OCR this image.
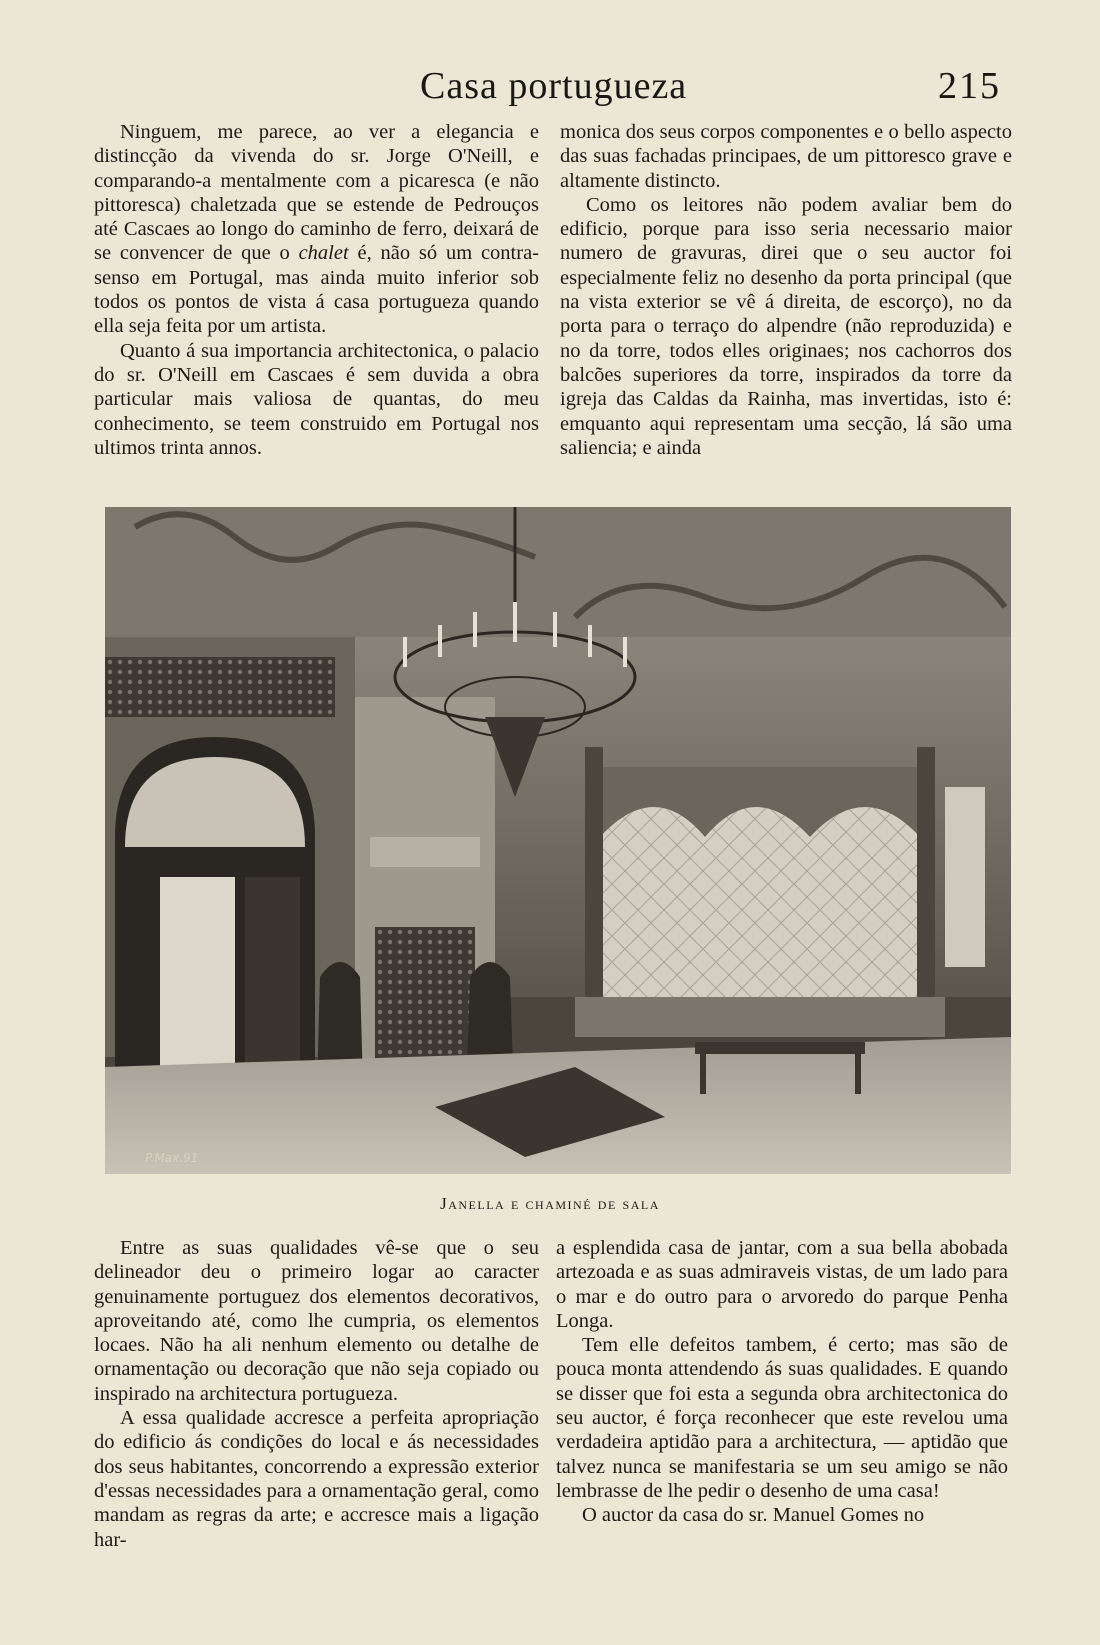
Casa portugueza	215

Ninguem, me parece, ao ver a elegancia e distincção da vivenda do sr. Jorge O'Neill, e comparando-a mentalmente com a picaresca (e não pittoresca) chaletzada que se estende de Pedrouços até Cascaes ao longo do caminho de ferro, deixará de se convencer de que o chalet é, não só um contra-senso em Portugal, mas ainda muito inferior sob todos os pontos de vista á casa portugueza quando ella seja feita por um artista.

Quanto á sua importancia architectonica, o palacio do sr. O'Neill em Cascaes é sem duvida a obra particular mais valiosa de quantas, do meu conhecimento, se teem construido em Portugal nos ultimos trinta annos.

monica dos seus corpos componentes e o bello aspecto das suas fachadas principaes, de um pittoresco grave e altamente distincto.

Como os leitores não podem avaliar bem do edificio, porque para isso seria necessario maior numero de gravuras, direi que o seu auctor foi especialmente feliz no desenho da porta principal (que na vista exterior se vê á direita, de escorço), no da porta para o terraço do alpendre (não reproduzida) e no da torre, todos elles originaes; nos cachorros dos balcões superiores da torre, inspirados da torre da igreja das Caldas da Rainha, mas invertidas, isto é: emquanto aqui representam uma secção, lá são uma saliencia; e ainda

P.Max.91
Janella e chaminé de sala

Entre as suas qualidades vê-se que o seu delineador deu o primeiro logar ao caracter genuinamente portuguez dos elementos decorativos, aproveitando até, como lhe cumpria, os elementos locaes. Não ha ali nenhum elemento ou detalhe de ornamentação ou decoração que não seja copiado ou inspirado na architectura portugueza.

A essa qualidade accresce a perfeita apropriação do edificio ás condições do local e ás necessidades dos seus habitantes, concorrendo a expressão exterior d'essas necessidades para a ornamentação geral, como mandam as regras da arte; e accresce mais a ligação har-

a esplendida casa de jantar, com a sua bella abobada artezoada e as suas admiraveis vistas, de um lado para o mar e do outro para o arvoredo do parque Penha Longa.

Tem elle defeitos tambem, é certo; mas são de pouca monta attendendo ás suas qualidades. E quando se disser que foi esta a segunda obra architectonica do seu auctor, é força reconhecer que este revelou uma verdadeira aptidão para a architectura, — aptidão que talvez nunca se manifestaria se um seu amigo se não lembrasse de lhe pedir o desenho de uma casa!

O auctor da casa do sr. Manuel Gomes no
